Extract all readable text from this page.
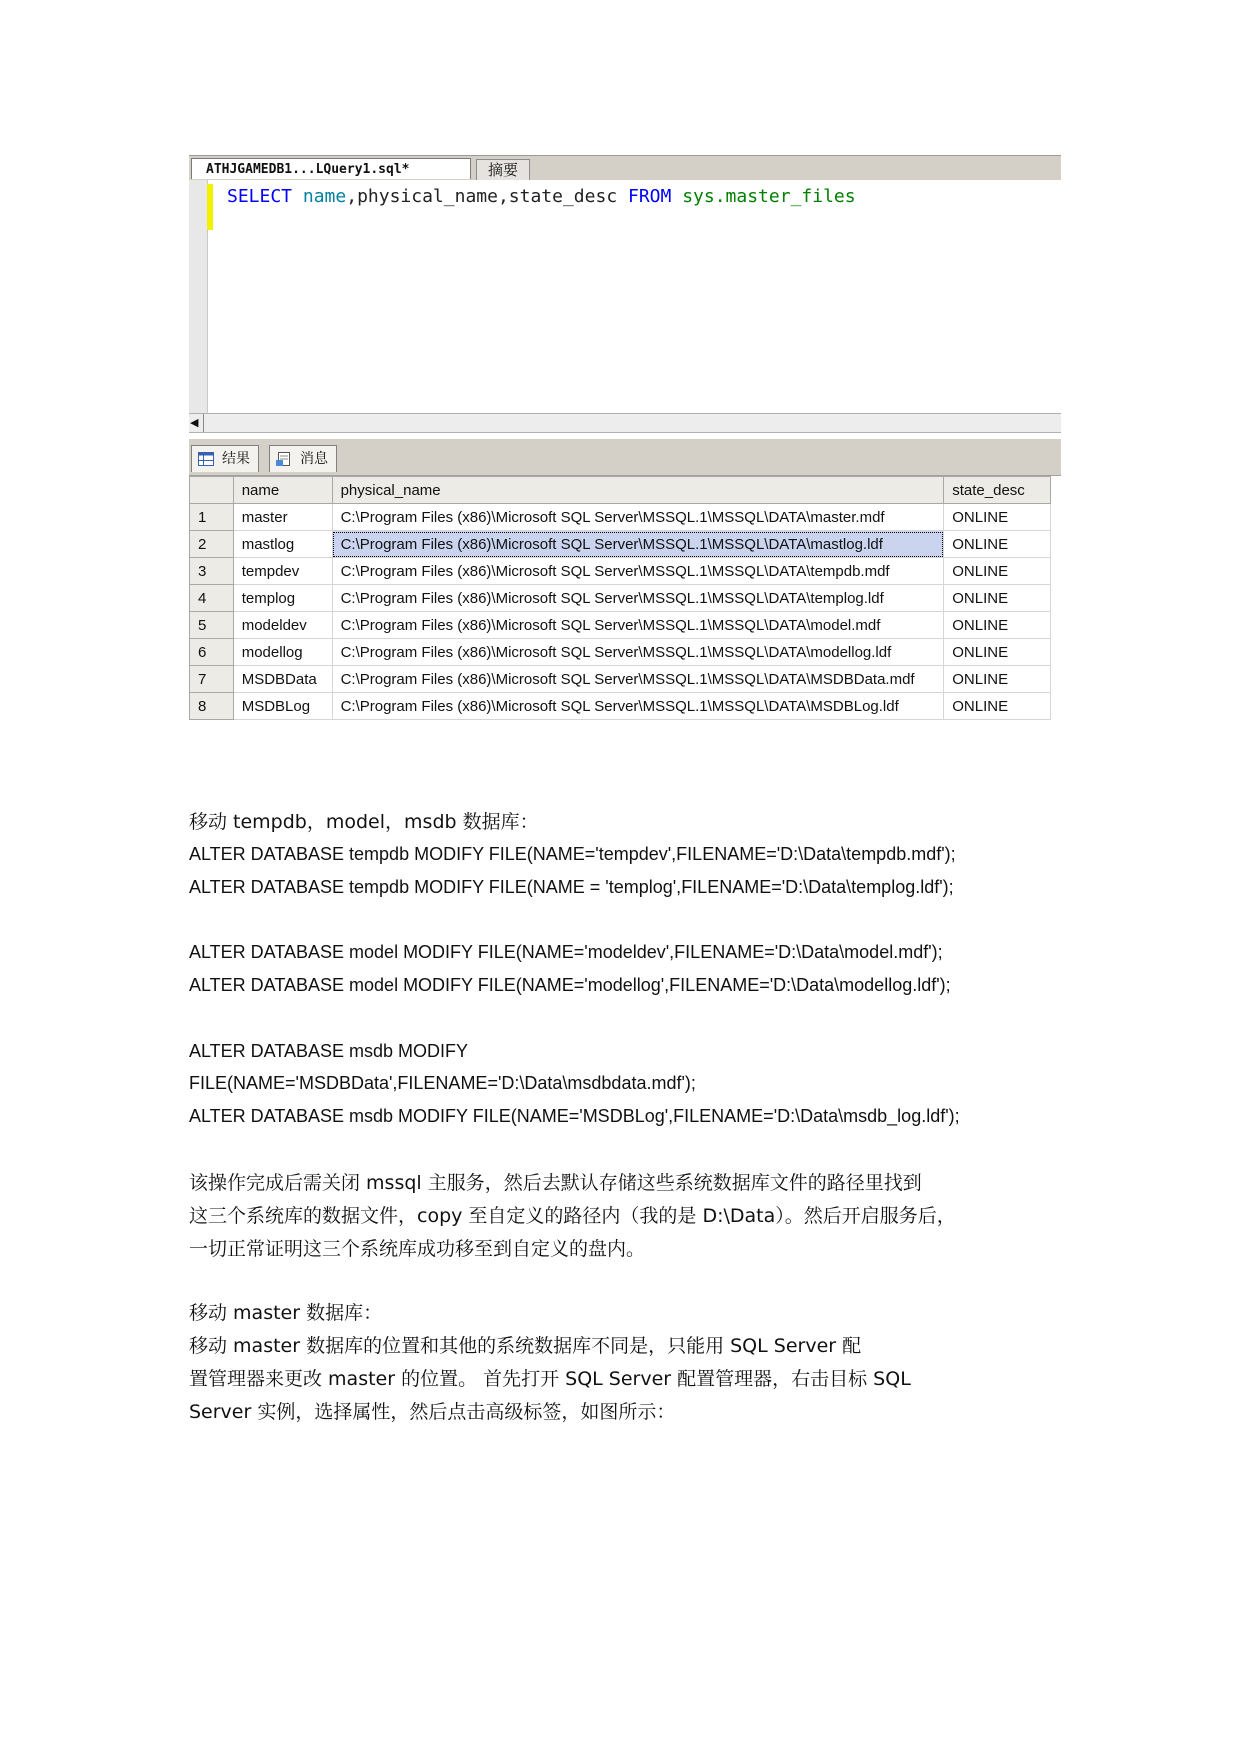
ATHJGAMEDB1...LQuery1.sql*	摘要
SELECT name,physical_name,state_desc FROM sys.master_files
◀
结果	消息
	name	physical_name	state_desc
1	master	C:\Program Files (x86)\Microsoft SQL Server\MSSQL.1\MSSQL\DATA\master.mdf	ONLINE
2	mastlog	C:\Program Files (x86)\Microsoft SQL Server\MSSQL.1\MSSQL\DATA\mastlog.ldf	ONLINE
3	tempdev	C:\Program Files (x86)\Microsoft SQL Server\MSSQL.1\MSSQL\DATA\tempdb.mdf	ONLINE
4	templog	C:\Program Files (x86)\Microsoft SQL Server\MSSQL.1\MSSQL\DATA\templog.ldf	ONLINE
5	modeldev	C:\Program Files (x86)\Microsoft SQL Server\MSSQL.1\MSSQL\DATA\model.mdf	ONLINE
6	modellog	C:\Program Files (x86)\Microsoft SQL Server\MSSQL.1\MSSQL\DATA\modellog.ldf	ONLINE
7	MSDBData	C:\Program Files (x86)\Microsoft SQL Server\MSSQL.1\MSSQL\DATA\MSDBData.mdf	ONLINE
8	MSDBLog	C:\Program Files (x86)\Microsoft SQL Server\MSSQL.1\MSSQL\DATA\MSDBLog.ldf	ONLINE
移动 tempdb，model，msdb 数据库：
ALTER DATABASE tempdb MODIFY FILE(NAME='tempdev',FILENAME='D:\Data\tempdb.mdf');
ALTER DATABASE tempdb MODIFY FILE(NAME = 'templog',FILENAME='D:\Data\templog.ldf');
ALTER DATABASE model MODIFY FILE(NAME='modeldev',FILENAME='D:\Data\model.mdf');
ALTER DATABASE model MODIFY FILE(NAME='modellog',FILENAME='D:\Data\modellog.ldf');
ALTER DATABASE msdb MODIFY
FILE(NAME='MSDBData',FILENAME='D:\Data\msdbdata.mdf');
ALTER DATABASE msdb MODIFY FILE(NAME='MSDBLog',FILENAME='D:\Data\msdb_log.ldf');
该操作完成后需关闭 mssql 主服务，然后去默认存储这些系统数据库文件的路径里找到
这三个系统库的数据文件，copy 至自定义的路径内（我的是 D:\Data）。然后开启服务后，
一切正常证明这三个系统库成功移至到自定义的盘内。
移动 master 数据库：
移动 master 数据库的位置和其他的系统数据库不同是，只能用 SQL Server 配
置管理器来更改 master 的位置。 首先打开 SQL Server 配置管理器，右击目标 SQL
Server 实例，选择属性，然后点击高级标签，如图所示：
